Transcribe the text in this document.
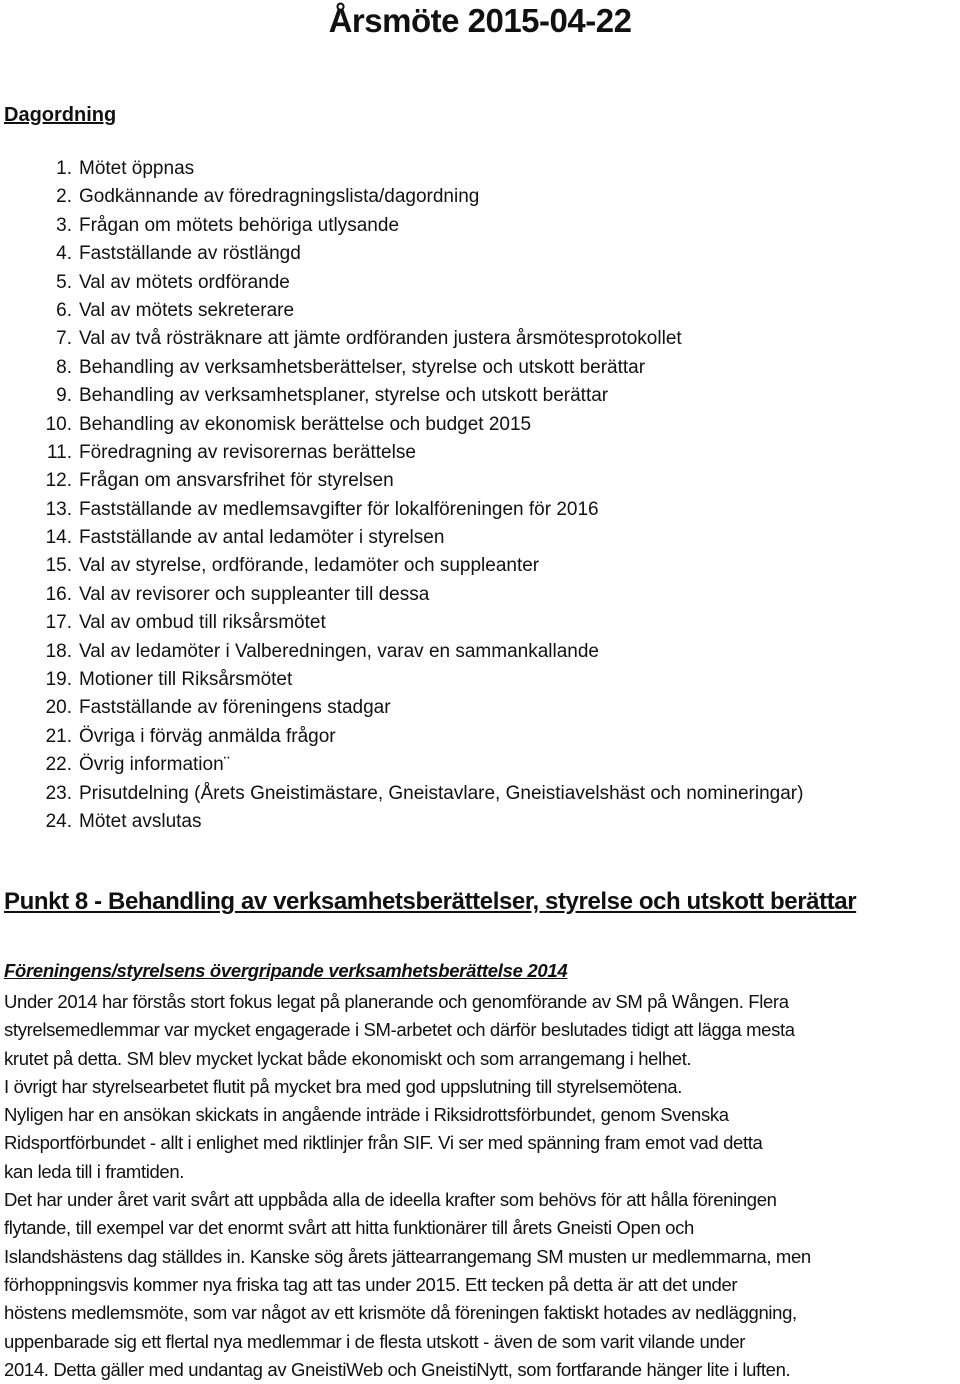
Årsmöte 2015-04-22
Dagordning
1. Mötet öppnas
2. Godkännande av föredragningslista/dagordning
3. Frågan om mötets behöriga utlysande
4. Fastställande av röstlängd
5. Val av mötets ordförande
6. Val av mötets sekreterare
7. Val av två rösträknare att jämte ordföranden justera årsmötesprotokollet
8. Behandling av verksamhetsberättelser, styrelse och utskott berättar
9. Behandling av verksamhetsplaner, styrelse och utskott berättar
10. Behandling av ekonomisk berättelse och budget 2015
11. Föredragning av revisorernas berättelse
12. Frågan om ansvarsfrihet för styrelsen
13. Fastställande av medlemsavgifter för lokalföreningen för 2016
14. Fastställande av antal ledamöter i styrelsen
15. Val av styrelse, ordförande, ledamöter och suppleanter
16. Val av revisorer och suppleanter till dessa
17. Val av ombud till riksårsmötet
18. Val av ledamöter i Valberedningen, varav en sammankallande
19. Motioner till Riksårsmötet
20. Fastställande av föreningens stadgar
21. Övriga i förväg anmälda frågor
22. Övrig information¨
23. Prisutdelning (Årets Gneistimästare, Gneistavlare, Gneistiavelshäst och nomineringar)
24. Mötet avslutas
Punkt 8 - Behandling av verksamhetsberättelser, styrelse och utskott berättar
Föreningens/styrelsens övergripande verksamhetsberättelse 2014
Under 2014 har förstås stort fokus legat på planerande och genomförande av SM på Wången. Flera
styrelsemedlemmar var mycket engagerade i SM-arbetet och därför beslutades tidigt att lägga mesta
krutet på detta. SM blev mycket lyckat både ekonomiskt och som arrangemang i helhet.
I övrigt har styrelsearbetet flutit på mycket bra med god uppslutning till styrelsemötena.
Nyligen har en ansökan skickats in angående inträde i Riksidrottsförbundet, genom Svenska
Ridsportförbundet - allt i enlighet med riktlinjer från SIF. Vi ser med spänning fram emot vad detta
kan leda till i framtiden.
Det har under året varit svårt att uppbåda alla de ideella krafter som behövs för att hålla föreningen
flytande, till exempel var det enormt svårt att hitta funktionärer till årets Gneisti Open och
Islandshästens dag ställdes in. Kanske sög årets jättearrangemang SM musten ur medlemmarna, men
förhoppningsvis kommer nya friska tag att tas under 2015. Ett tecken på detta är att det under
höstens medlemsmöte, som var något av ett krismöte då föreningen faktiskt hotades av nedläggning,
uppenbarade sig ett flertal nya medlemmar i de flesta utskott - även de som varit vilande under
2014. Detta gäller med undantag av GneistiWeb och GneistiNytt, som fortfarande hänger lite i luften.
